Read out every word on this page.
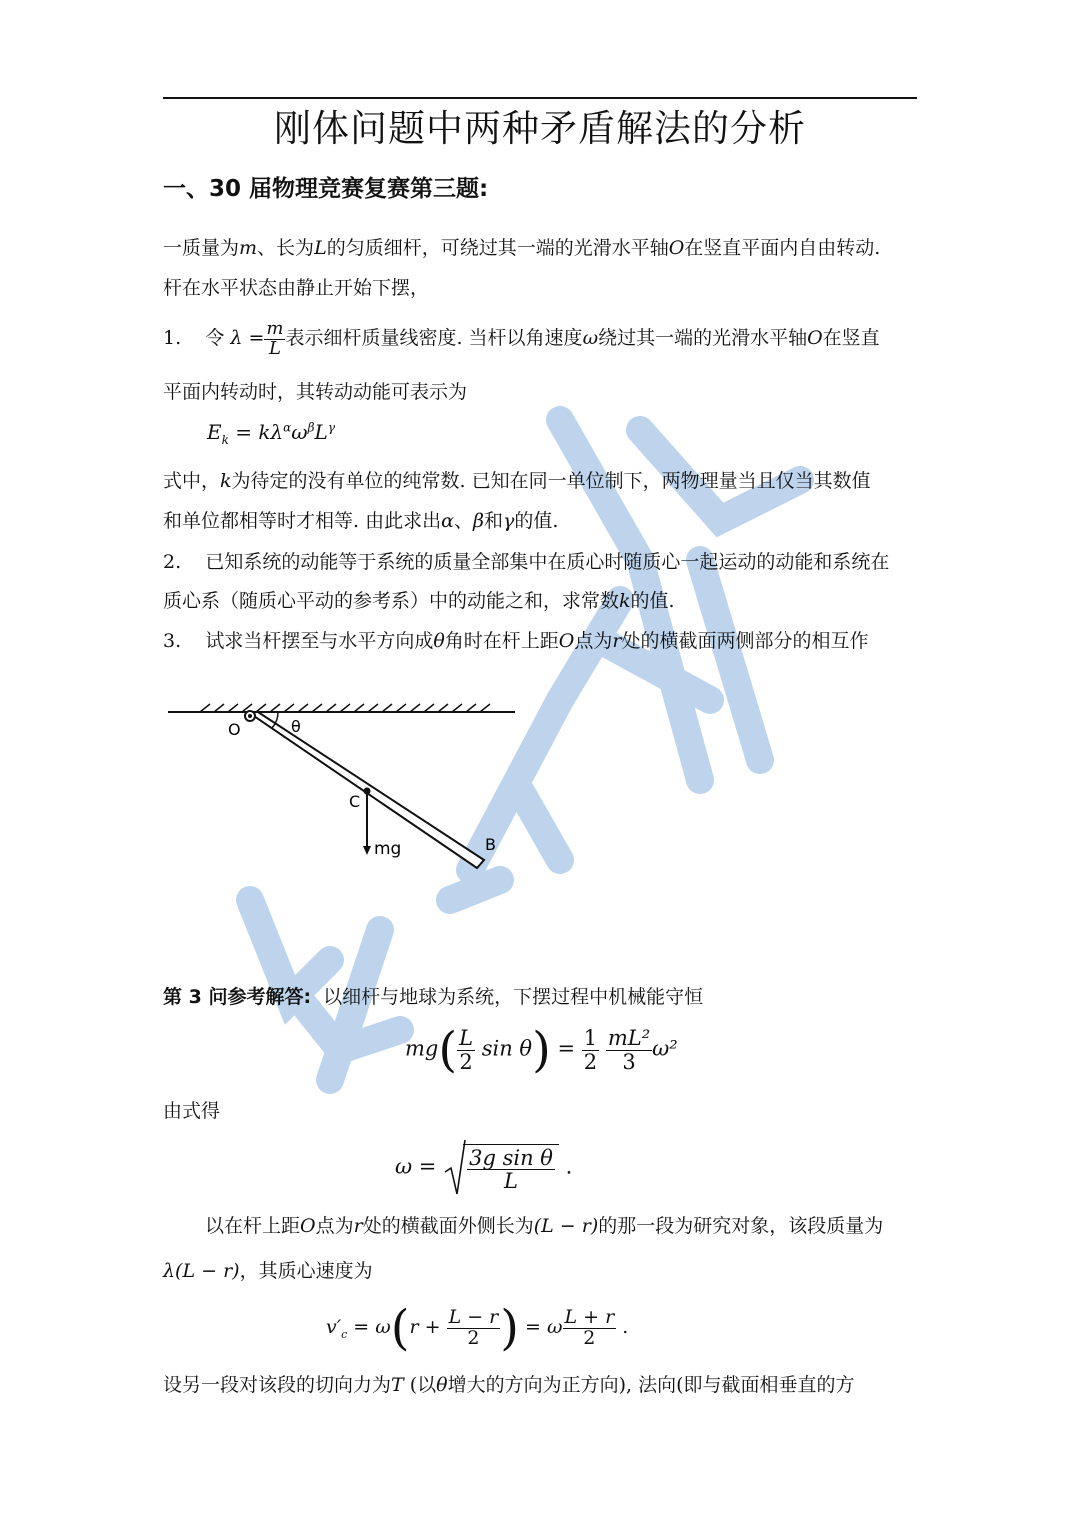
刚体问题中两种矛盾解法的分析
一、30 届物理竞赛复赛第三题:
一质量为m、长为L的匀质细杆，可绕过其一端的光滑水平轴O在竖直平面内自由转动.
杆在水平状态由静止开始下摆，
1. 令 $\lambda = \frac{m}{L}$ 表示细杆质量线密度. 当杆以角速度ω绕过其一端的光滑水平轴O在竖直
平面内转动时，其转动动能可表示为
$E_k = k\lambda^\alpha\omega^\beta L^\gamma$
式中，k为待定的没有单位的纯常数. 已知在同一单位制下，两物理量当且仅当其数值
和单位都相等时才相等. 由此求出α、β和γ的值.
2. 已知系统的动能等于系统的质量全部集中在质心时随质心一起运动的动能和系统在
质心系（随质心平动的参考系）中的动能之和，求常数k的值.
3. 试求当杆摆至与水平方向成θ角时在杆上距O点为r处的横截面两侧部分的相互作
O	θ
C
mg	B
第 3 问参考解答: 以细杆与地球为系统，下摆过程中机械能守恒
$mg( \frac{L}{2}$ $\sin \theta) = \frac{1}{2}$
$\frac{\text{mL²}}{3} \omega^2$
由式得
$\omega = \frac{\text{3g sin θ}}{L}$ .
以在杆上距O点为r处的横截面外侧长为(L − r)的那一段为研究对象，该段质量为
λ(L − r)，其质心速度为
$v'_c = \omega(r + \frac{L - r}{2}$ ) = ω $\frac{L + r}{2}$ .
设另一段对该段的切向力为T (以θ增大的方向为正方向), 法向(即与截面相垂直的方
